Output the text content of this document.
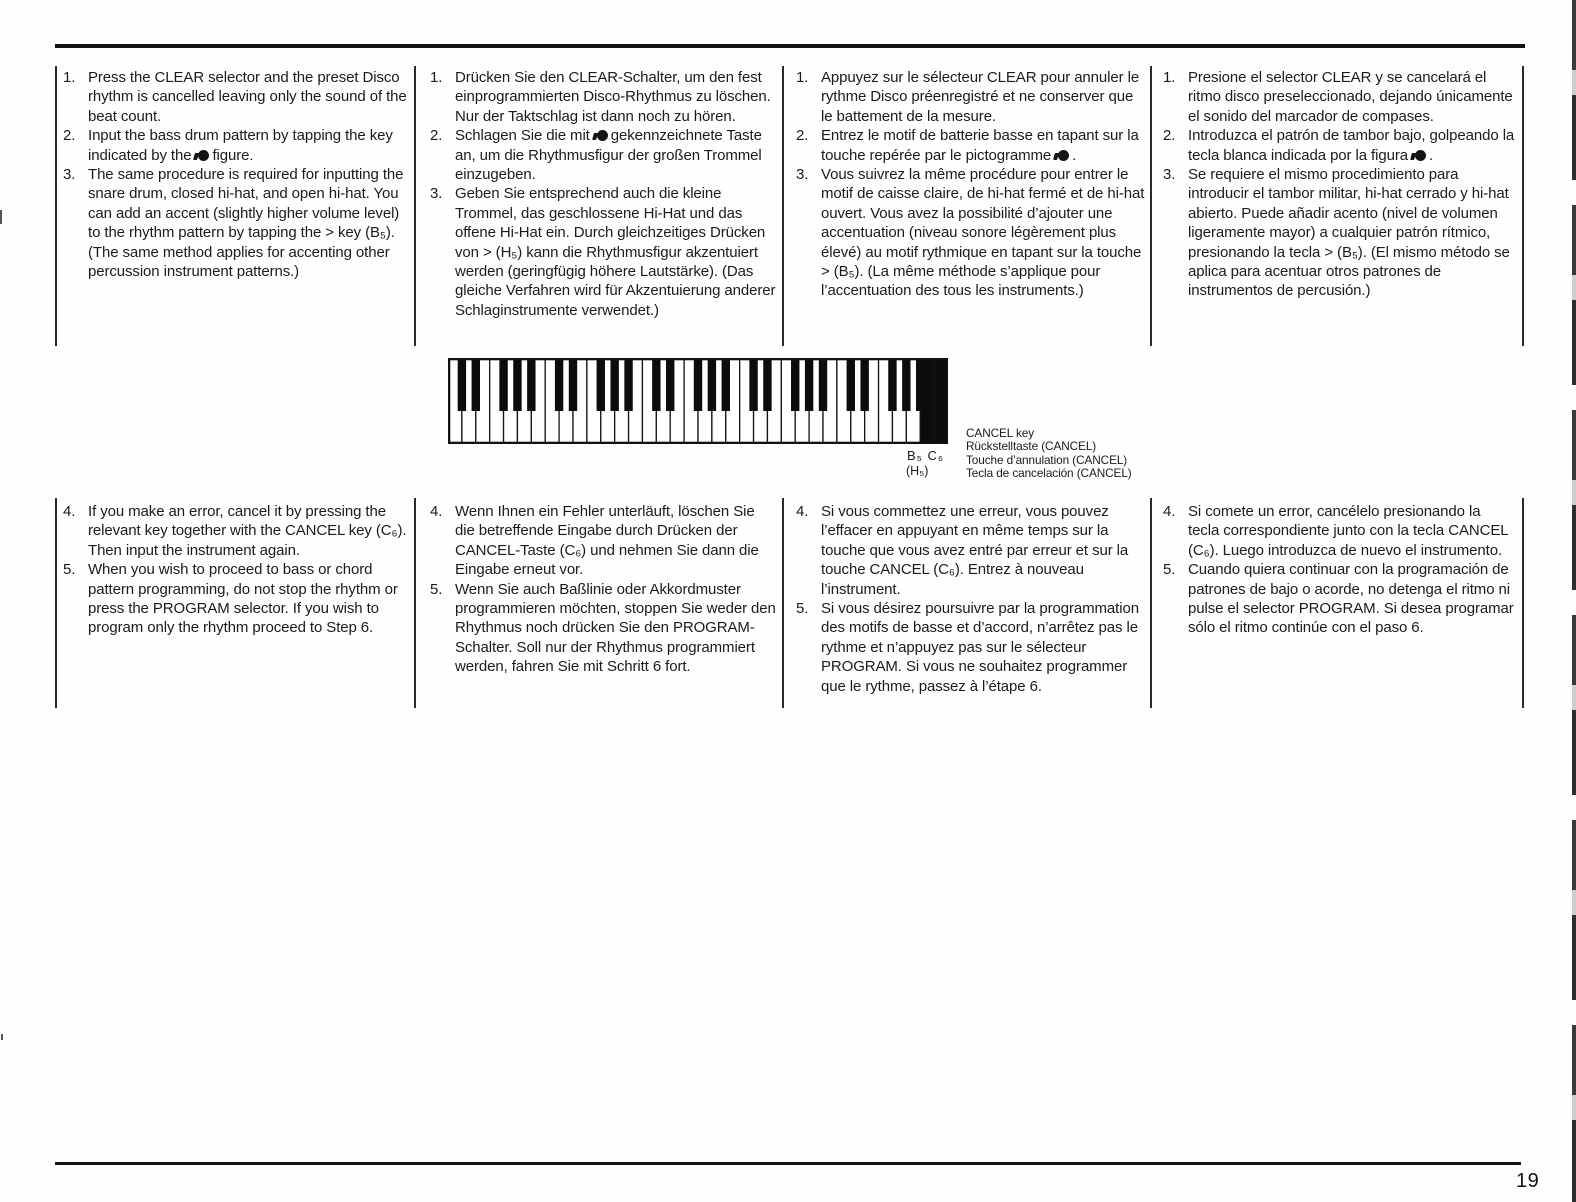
1. Press the CLEAR selector and the preset Disco rhythm is cancelled leaving only the sound of the beat count.
2. Input the bass drum pattern by tapping the key indicated by the figure.
3. The same procedure is required for inputting the snare drum, closed hi-hat, and open hi-hat. You can add an accent (slightly higher volume level) to the rhythm pattern by tapping the > key (B₅). (The same method applies for accenting other percussion instrument patterns.)
1. Drücken Sie den CLEAR-Schalter, um den fest einprogrammierten Disco-Rhythmus zu löschen. Nur der Taktschlag ist dann noch zu hören.
2. Schlagen Sie die mit gekennzeichnete Taste an, um die Rhythmusfigur der großen Trommel einzugeben.
3. Geben Sie entsprechend auch die kleine Trommel, das geschlossene Hi-Hat und das offene Hi-Hat ein. Durch gleichzeitiges Drücken von > (H₅) kann die Rhythmusfigur akzentuiert werden (geringfügig höhere Lautstärke). (Das gleiche Verfahren wird für Akzentuierung anderer Schlaginstrumente verwendet.)
1. Appuyez sur le sélecteur CLEAR pour annuler le rythme Disco préenregistré et ne conserver que le battement de la mesure.
2. Entrez le motif de batterie basse en tapant sur la touche repérée par le pictogramme .
3. Vous suivrez la même procédure pour entrer le motif de caisse claire, de hi-hat fermé et de hi-hat ouvert. Vous avez la possibilité d’ajouter une accentuation (niveau sonore légèrement plus élevé) au motif rythmique en tapant sur la touche > (B₅). (La même méthode s’applique pour l’accentuation des tous les instruments.)
1. Presione el selector CLEAR y se cancelará el ritmo disco preseleccionado, dejando únicamente el sonido del marcador de compases.
2. Introduzca el patrón de tambor bajo, golpeando la tecla blanca indicada por la figura .
3. Se requiere el mismo procedimiento para introducir el tambor militar, hi-hat cerrado y hi-hat abierto. Puede añadir acento (nivel de volumen ligeramente mayor) a cualquier patrón rítmico, presionando la tecla > (B₅). (El mismo método se aplica para acentuar otros patrones de instrumentos de percusión.)
B₅ C₆
(H₅)
CANCEL key
Rückstelltaste (CANCEL)
Touche d’annulation (CANCEL)
Tecla de cancelación (CANCEL)
4. If you make an error, cancel it by pressing the relevant key together with the CANCEL key (C₆). Then input the instrument again.
5. When you wish to proceed to bass or chord pattern programming, do not stop the rhythm or press the PROGRAM selector. If you wish to program only the rhythm proceed to Step 6.
4. Wenn Ihnen ein Fehler unterläuft, löschen Sie die betreffende Eingabe durch Drücken der CANCEL-Taste (C₆) und nehmen Sie dann die Eingabe erneut vor.
5. Wenn Sie auch Baßlinie oder Akkordmuster programmieren möchten, stoppen Sie weder den Rhythmus noch drücken Sie den PROGRAM-Schalter. Soll nur der Rhythmus programmiert werden, fahren Sie mit Schritt 6 fort.
4. Si vous commettez une erreur, vous pouvez l’effacer en appuyant en même temps sur la touche que vous avez entré par erreur et sur la touche CANCEL (C₆). Entrez à nouveau l’instrument.
5. Si vous désirez poursuivre par la programmation des motifs de basse et d’accord, n’arrêtez pas le rythme et n’appuyez pas sur le sélecteur PROGRAM. Si vous ne souhaitez programmer que le rythme, passez à l’étape 6.
4. Si comete un error, cancélelo presionando la tecla correspondiente junto con la tecla CANCEL (C₆). Luego introduzca de nuevo el instrumento.
5. Cuando quiera continuar con la programación de patrones de bajo o acorde, no detenga el ritmo ni pulse el selector PROGRAM. Si desea programar sólo el ritmo continúe con el paso 6.
19
